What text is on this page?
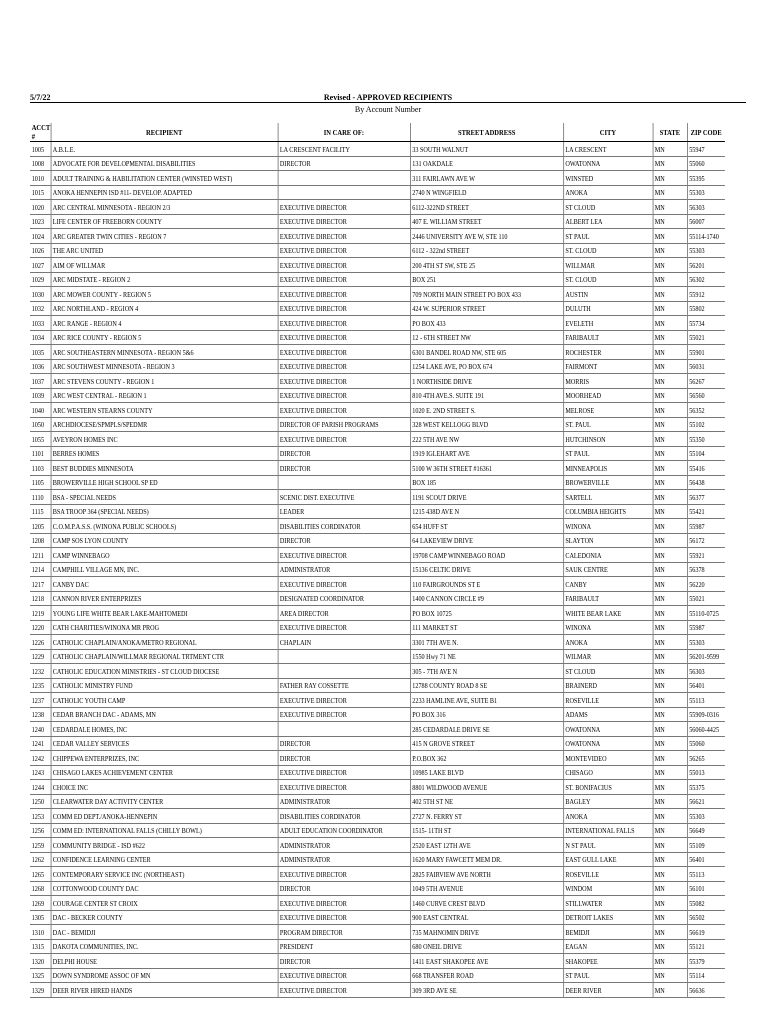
5/7/22	Revised - APPROVED RECIPIENTS
By Account Number
ACCT #	RECIPIENT	IN CARE OF:	STREET ADDRESS	CITY	STATE	ZIP CODE
1005	A.B.L.E.	LA CRESCENT FACILITY	33 SOUTH WALNUT	LA CRESCENT	MN	55947
1008	ADVOCATE FOR DEVELOPMENTAL DISABILITIES	DIRECTOR	131 OAKDALE	OWATONNA	MN	55060
1010	ADULT TRAINING & HABILITATION CENTER (WINSTED WEST)		311 FAIRLAWN AVE W	WINSTED	MN	55395
1015	ANOKA HENNEPIN ISD #11- DEVELOP. ADAPTED		2740 N WINGFIELD	ANOKA	MN	55303
1020	ARC CENTRAL MINNESOTA - REGION 2/3	EXECUTIVE DIRECTOR	6112-322ND STREET	ST CLOUD	MN	56303
1023	LIFE CENTER OF FREEBORN COUNTY	EXECUTIVE DIRECTOR	407 E. WILLIAM STREET	ALBERT LEA	MN	56007
1024	ARC GREATER TWIN CITIES - REGION 7	EXECUTIVE DIRECTOR	2446 UNIVERSITY AVE W, STE 110	ST PAUL	MN	55114-1740
1026	THE ARC UNITED	EXECUTIVE DIRECTOR	6112 - 322nd STREET	ST. CLOUD	MN	55303
1027	AIM OF WILLMAR	EXECUTIVE DIRECTOR	200 4TH ST SW, STE 25	WILLMAR	MN	56201
1029	ARC MIDSTATE - REGION 2	EXECUTIVE DIRECTOR	BOX 251	ST. CLOUD	MN	56302
1030	ARC MOWER COUNTY - REGION 5	EXECUTIVE DIRECTOR	709 NORTH MAIN STREET PO BOX 433	AUSTIN	MN	55912
1032	ARC NORTHLAND - REGION 4	EXECUTIVE DIRECTOR	424 W. SUPERIOR STREET	DULUTH	MN	55802
1033	ARC RANGE - REGION 4	EXECUTIVE DIRECTOR	PO BOX 433	EVELETH	MN	55734
1034	ARC RICE COUNTY - REGION 5	EXECUTIVE DIRECTOR	12 - 6TH STREET NW	FARIBAULT	MN	55021
1035	ARC SOUTHEASTERN MINNESOTA - REGION 5&6	EXECUTIVE DIRECTOR	6301 BANDEL ROAD NW, STE 605	ROCHESTER	MN	55901
1036	ARC SOUTHWEST MINNESOTA - REGION 3	EXECUTIVE DIRECTOR	1254 LAKE AVE, PO BOX 674	FAIRMONT	MN	56031
1037	ARC STEVENS COUNTY - REGION 1	EXECUTIVE DIRECTOR	1 NORTHSIDE DRIVE	MORRIS	MN	56267
1039	ARC WEST CENTRAL - REGION 1	EXECUTIVE DIRECTOR	810 4TH AVE.S. SUITE 191	MOORHEAD	MN	56560
1040	ARC WESTERN STEARNS COUNTY	EXECUTIVE DIRECTOR	1020 E. 2ND STREET S.	MELROSE	MN	56352
1050	ARCHDIOCESE/SPMPLS/SPEDMR	DIRECTOR OF PARISH PROGRAMS	328 WEST KELLOGG BLVD	ST. PAUL	MN	55102
1055	AVEYRON HOMES INC	EXECUTIVE DIRECTOR	222 5TH AVE NW	HUTCHINSON	MN	55350
1101	BERRES HOMES	DIRECTOR	1919 IGLEHART AVE	ST PAUL	MN	55104
1103	BEST BUDDIES MINNESOTA	DIRECTOR	5100 W 36TH STREET #16361	MINNEAPOLIS	MN	55416
1105	BROWERVILLE HIGH SCHOOL SP ED		BOX 185	BROWERVILLE	MN	56438
1110	BSA - SPECIAL NEEDS	SCENIC DIST. EXECUTIVE	1191 SCOUT DRIVE	SARTELL	MN	56377
1115	BSA TROOP 364 (SPECIAL NEEDS)	LEADER	1215 438D AVE N	COLUMBIA HEIGHTS	MN	55421
1205	C.O.M.P.A.S.S. (WINONA PUBLIC SCHOOLS)	DISABILITIES CORDINATOR	654 HUFF ST	WINONA	MN	55987
1208	CAMP SOS LYON COUNTY	DIRECTOR	64 LAKEVIEW DRIVE	SLAYTON	MN	56172
1211	CAMP WINNEBAGO	EXECUTIVE DIRECTOR	19708 CAMP WINNEBAGO ROAD	CALEDONIA	MN	55921
1214	CAMPHILL VILLAGE MN, INC.	ADMINISTRATOR	15136 CELTIC DRIVE	SAUK CENTRE	MN	56378
1217	CANBY DAC	EXECUTIVE DIRECTOR	110 FAIRGROUNDS ST E	CANBY	MN	56220
1218	CANNON RIVER ENTERPRIZES	DESIGNATED COORDINATOR	1400 CANNON CIRCLE #9	FARIBAULT	MN	55021
1219	YOUNG LIFE WHITE BEAR LAKE-MAHTOMEDI	AREA DIRECTOR	PO BOX 10725	WHITE BEAR LAKE	MN	55110-0725
1220	CATH CHARITIES/WINONA MR PROG	EXECUTIVE DIRECTOR	111 MARKET ST	WINONA	MN	55987
1226	CATHOLIC CHAPLAIN/ANOKA/METRO REGIONAL	CHAPLAIN	3301 7TH AVE N.	ANOKA	MN	55303
1229	CATHOLIC CHAPLAIN/WILLMAR REGIONAL TRTMENT CTR		1550 Hwy 71 NE	WILMAR	MN	56201-9599
1232	CATHOLIC EDUCATION MINISTRIES - ST CLOUD DIOCESE		305 - 7TH AVE N	ST CLOUD	MN	56303
1235	CATHOLIC MINISTRY FUND	FATHER RAY COSSETTE	12788 COUNTY ROAD 8 SE	BRAINERD	MN	56401
1237	CATHOLIC YOUTH CAMP	EXECUTIVE DIRECTOR	2233 HAMLINE AVE, SUITE B1	ROSEVILLE	MN	55113
1238	CEDAR BRANCH DAC - ADAMS, MN	EXECUTIVE DIRECTOR	PO BOX 316	ADAMS	MN	55909-0316
1240	CEDARDALE HOMES, INC		285 CEDARDALE DRIVE SE	OWATONNA	MN	56060-4425
1241	CEDAR VALLEY SERVICES	DIRECTOR	415 N GROVE STREET	OWATONNA	MN	55060
1242	CHIPPEWA ENTERPRIZES, INC	DIRECTOR	P.O.BOX 362	MONTEVIDEO	MN	56265
1243	CHISAGO LAKES ACHIEVEMENT CENTER	EXECUTIVE DIRECTOR	10985 LAKE BLVD	CHISAGO	MN	55013
1244	CHOICE INC	EXECUTIVE DIRECTOR	8801 WILDWOOD AVENUE	ST. BONIFACIUS	MN	55375
1250	CLEARWATER DAY ACTIVITY CENTER	ADMINISTRATOR	402 5TH ST NE	BAGLEY	MN	56621
1253	COMM ED DEPT./ANOKA-HENNEPIN	DISABILITIES CORDINATOR	2727 N. FERRY ST	ANOKA	MN	55303
1256	COMM ED: INTERNATIONAL FALLS (CHILLY BOWL)	ADULT EDUCATION COORDINATOR	1515- 11TH ST	INTERNATIONAL FALLS	MN	56649
1259	COMMUNITY BRIDGE - ISD #622	ADMINISTRATOR	2520 EAST 12TH AVE	N ST PAUL	MN	55109
1262	CONFIDENCE LEARNING CENTER	ADMINISTRATOR	1620 MARY FAWCETT MEM DR.	EAST GULL LAKE	MN	56401
1265	CONTEMPORARY SERVICE INC (NORTHEAST)	EXECUTIVE DIRECTOR	2825 FAIRVIEW AVE NORTH	ROSEVILLE	MN	55113
1268	COTTONWOOD COUNTY DAC	DIRECTOR	1049 5TH AVENUE	WINDOM	MN	56101
1269	COURAGE CENTER ST CROIX	EXECUTIVE DIRECTOR	1460 CURVE CREST BLVD	STILLWATER	MN	55082
1305	DAC - BECKER COUNTY	EXECUTIVE DIRECTOR	900 EAST CENTRAL	DETROIT LAKES	MN	56502
1310	DAC - BEMIDJI	PROGRAM DIRECTOR	735 MAHNOMIN DRIVE	BEMIDJI	MN	56619
1315	DAKOTA COMMUNITIES, INC.	PRESIDENT	680 ONEIL DRIVE	EAGAN	MN	55121
1320	DELPHI HOUSE	DIRECTOR	1411 EAST SHAKOPEE AVE	SHAKOPEE	MN	55379
1325	DOWN SYNDROME ASSOC OF MN	EXECUTIVE DIRECTOR	668 TRANSFER ROAD	ST PAUL	MN	55114
1329	DEER RIVER HIRED HANDS	EXECUTIVE DIRECTOR	309 3RD AVE SE	DEER RIVER	MN	56636
